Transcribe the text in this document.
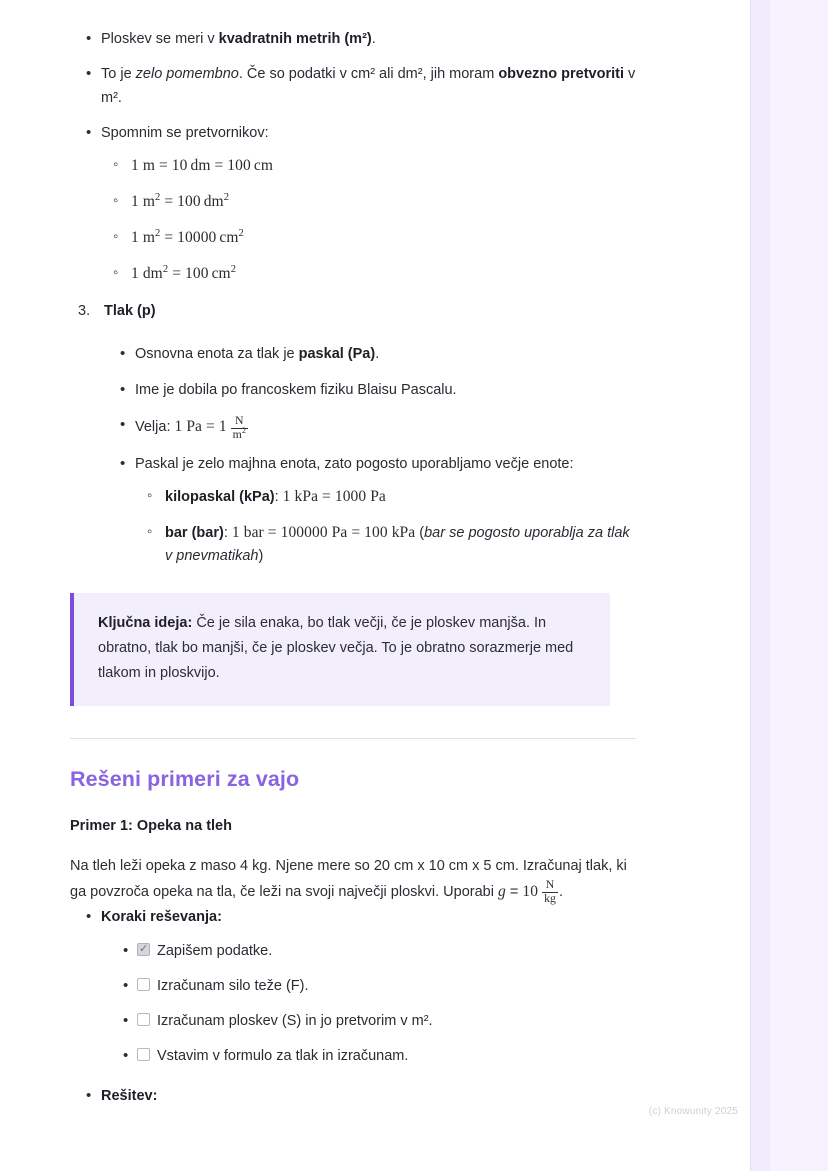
• Ploskev se meri v kvadratnih metrih (m²).
• To je zelo pomembno. Če so podatki v cm² ali dm², jih moram obvezno pretvoriti v m².
• Spomnim se pretvornikov:
◦ 1 m = 10 dm = 100 cm
◦ 1 $m^2 = 100$ $dm^2$
◦ 1 $m^2 = 10000$ $cm^2$
◦ 1 $dm^2 = 100$ $cm^2$
3. Tlak (p)
• Osnovna enota za tlak je paskal (Pa).
• Ime je dobila po francoskem fiziku Blaisu Pascalu.
• Velja: 1 $Pa = 1 \frac{N}{m^2}$
• Paskal je zelo majhna enota, zato pogosto uporabljamo večje enote:
◦ kilopaskal (kPa): 1 kPa = 1000 Pa
◦ bar (bar): 1 bar = 100000 Pa = 100 kPa (bar se pogosto uporablja za tlak v pnevmatikah)

Ključna ideja: Če je sila enaka, bo tlak večji, če je ploskev manjša. In obratno, tlak bo manjši, če je ploskev večja. To je obratno sorazmerje med tlakom in ploskvijo.

Rešeni primeri za vajo
Primer 1: Opeka na tleh

Na tleh leži opeka z maso 4 kg. Njene mere so 20 cm x 10 cm x 5 cm. Izračunaj tlak, ki ga povzroča opeka na tla, če leži na svoji največji ploskvi. Uporabi $g = 10 \frac{N}{kg}$ .

• Koraki reševanja:
✓
• Zapišem podatke.
• Izračunam silo teže (F).
• Izračunam ploskev (S) in jo pretvorim v m².
• Vstavim v formulo za tlak in izračunam.
• Rešitev:
(c) Knowunity 2025
